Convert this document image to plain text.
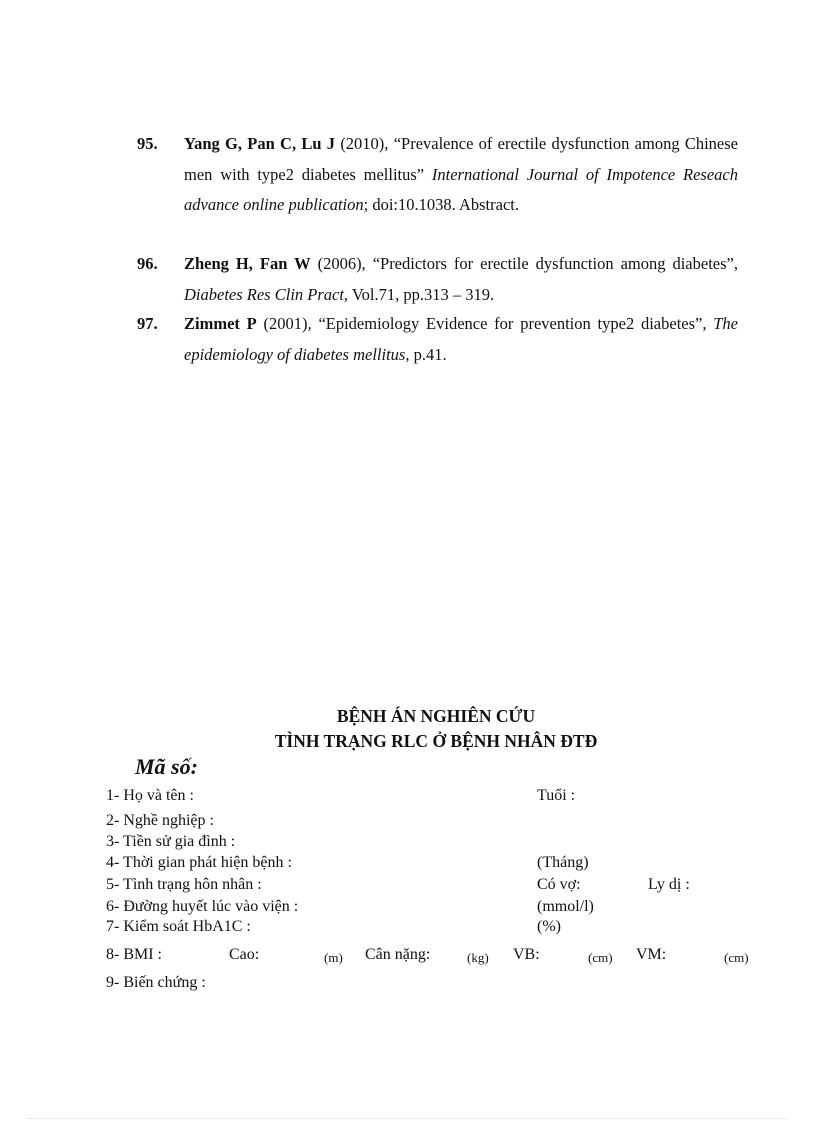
95. Yang G, Pan C, Lu J (2010), “Prevalence of erectile dysfunction among Chinese men with type2 diabetes mellitus” International Journal of Impotence Reseach advance online publication; doi:10.1038. Abstract.
96. Zheng H, Fan W (2006), “Predictors for erectile dysfunction among diabetes”, Diabetes Res Clin Pract, Vol.71, pp.313 – 319.
97. Zimmet P (2001), “Epidemiology Evidence for prevention type2 diabetes”, The epidemiology of diabetes mellitus, p.41.
BỆNH ÁN NGHIÊN CỨU
TÌNH TRẠNG RLC Ở BỆNH NHÂN ĐTĐ
Mã số:
1- Họ và tên :	Tuổi :
2- Nghề nghiệp :
3- Tiền sử gia đình :
4- Thời gian phát hiện bệnh :	(Tháng)
5- Tình trạng hôn nhân :	Có vợ:	Ly dị :
6- Đường huyết lúc vào viện :	(mmol/l)
7- Kiểm soát HbA1C :	(%)
8- BMI :	Cao:	(m) Cân nặng:	(kg) VB:	(cm) VM:	(cm)
9- Biến chứng :
